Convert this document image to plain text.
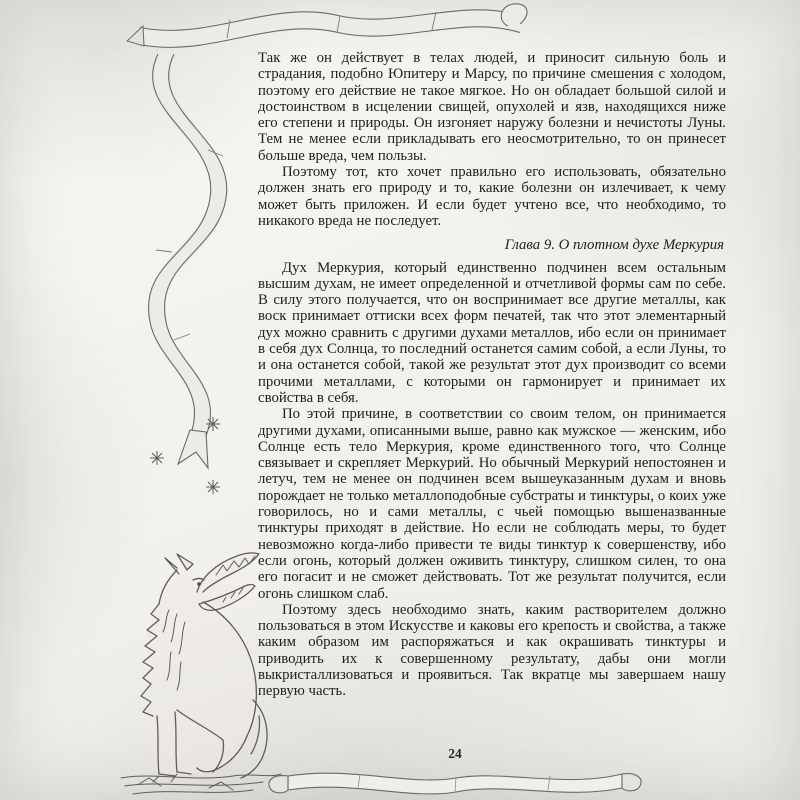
Так же он действует в телах людей, и приносит сильную боль и страдания, подобно Юпитеру и Марсу, по причине смешения с холодом, поэтому его действие не такое мягкое. Но он обладает большой силой и достоинством в исцелении свищей, опухолей и язв, находящихся ниже его степени и природы. Он изгоняет наружу болезни и нечистоты Луны. Тем не менее если прикладывать его неосмотрительно, то он принесет больше вреда, чем пользы.

Поэтому тот, кто хочет правильно его использовать, обязательно должен знать его природу и то, какие болезни он излечивает, к чему может быть приложен. И если будет учтено все, что необходимо, то никакого вреда не последует.

Глава 9. О плотном духе Меркурия

Дух Меркурия, который единственно подчинен всем остальным высшим духам, не имеет определенной и отчетливой формы сам по себе. В силу этого получается, что он воспринимает все другие металлы, как воск принимает оттиски всех форм печатей, так что этот элементарный дух можно сравнить с другими духами металлов, ибо если он принимает в себя дух Солнца, то последний останется самим собой, а если Луны, то и она останется собой, такой же результат этот дух производит со всеми прочими металлами, с которыми он гармонирует и принимает их свойства в себя.

По этой причине, в соответствии со своим телом, он принимается другими духами, описанными выше, равно как мужское — женским, ибо Солнце есть тело Меркурия, кроме единственного того, что Солнце связывает и скрепляет Меркурий. Но обычный Меркурий непостоянен и летуч, тем не менее он подчинен всем вышеуказанным духам и вновь порождает не только металлоподобные субстраты и тинктуры, о коих уже говорилось, но и сами металлы, с чьей помощью вышеназванные тинктуры приходят в действие. Но если не соблюдать меры, то будет невозможно когда-либо привести те виды тинктур к совершенству, ибо если огонь, который должен оживить тинктуру, слишком силен, то она его погасит и не сможет действовать. Тот же результат получится, если огонь слишком слаб.

Поэтому здесь необходимо знать, каким растворителем должно пользоваться в этом Искусстве и каковы его крепость и свойства, а также каким образом им распоряжаться и как окрашивать тинктуры и приводить их к совершенному результату, дабы они могли выкристаллизоваться и проявиться. Так вкратце мы завершаем нашу первую часть.

24
